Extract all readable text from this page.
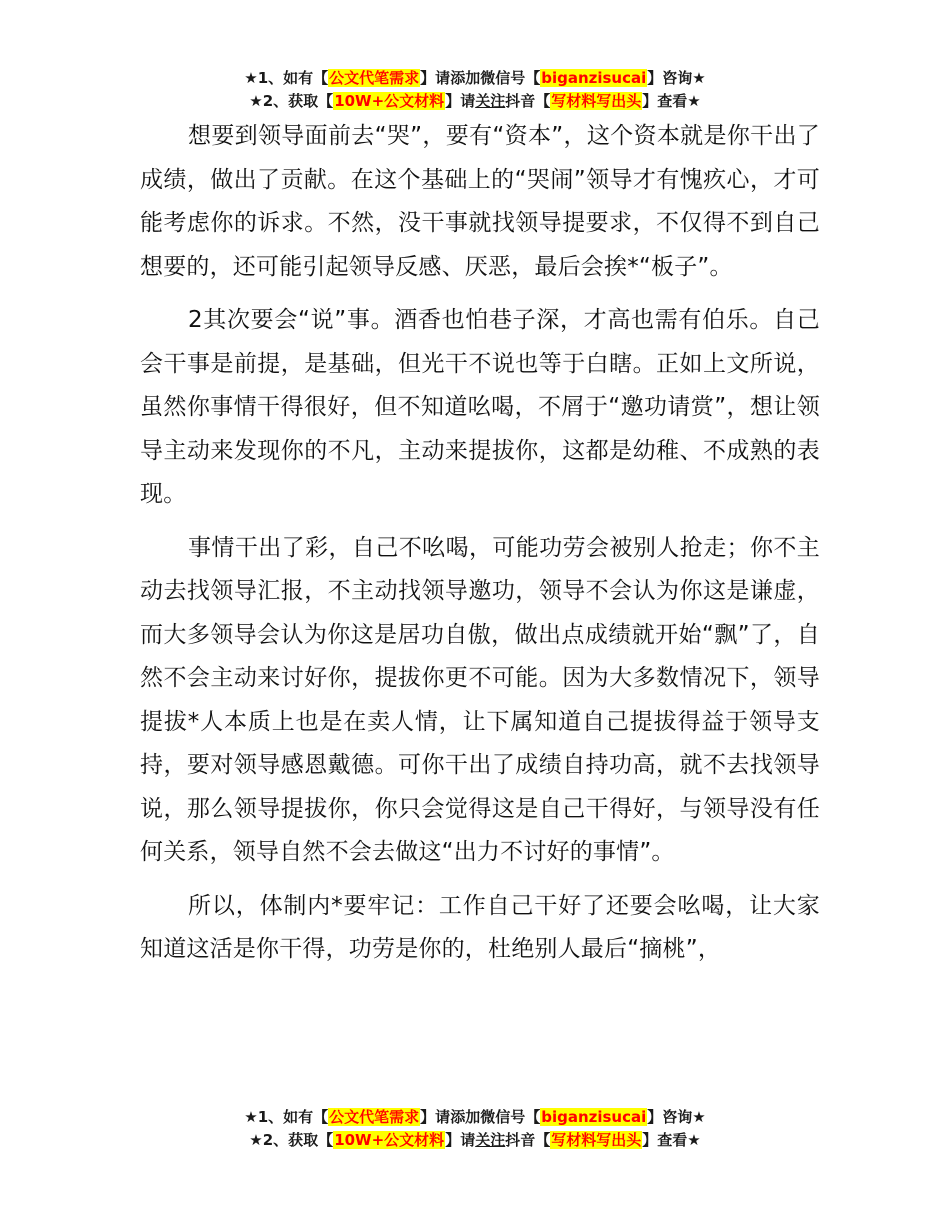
★1、如有【公文代笔需求】请添加微信号【biganzisucai】咨询★
★2、获取【10W+公文材料】请关注抖音【写材料写出头】查看★

想要到领导面前去“哭”，要有“资本”，这个资本就是你干出了成绩，做出了贡献。在这个基础上的“哭闹”领导才有愧疚心，才可能考虑你的诉求。不然，没干事就找领导提要求，不仅得不到自己想要的，还可能引起领导反感、厌恶，最后会挨*“板子”。

2其次要会“说”事。酒香也怕巷子深，才高也需有伯乐。自己会干事是前提，是基础，但光干不说也等于白瞎。正如上文所说，虽然你事情干得很好，但不知道吆喝，不屑于“邀功请赏”，想让领导主动来发现你的不凡，主动来提拔你，这都是幼稚、不成熟的表现。

事情干出了彩，自己不吆喝，可能功劳会被别人抢走；你不主动去找领导汇报，不主动找领导邀功，领导不会认为你这是谦虚，而大多领导会认为你这是居功自傲，做出点成绩就开始“飘”了，自然不会主动来讨好你，提拔你更不可能。因为大多数情况下，领导提拔*人本质上也是在卖人情，让下属知道自己提拔得益于领导支持，要对领导感恩戴德。可你干出了成绩自持功高，就不去找领导说，那么领导提拔你，你只会觉得这是自己干得好，与领导没有任何关系，领导自然不会去做这“出力不讨好的事情”。

所以，体制内*要牢记：工作自己干好了还要会吆喝，让大家知道这活是你干得，功劳是你的，杜绝别人最后“摘桃”，

★1、如有【公文代笔需求】请添加微信号【biganzisucai】咨询★
★2、获取【10W+公文材料】请关注抖音【写材料写出头】查看★
